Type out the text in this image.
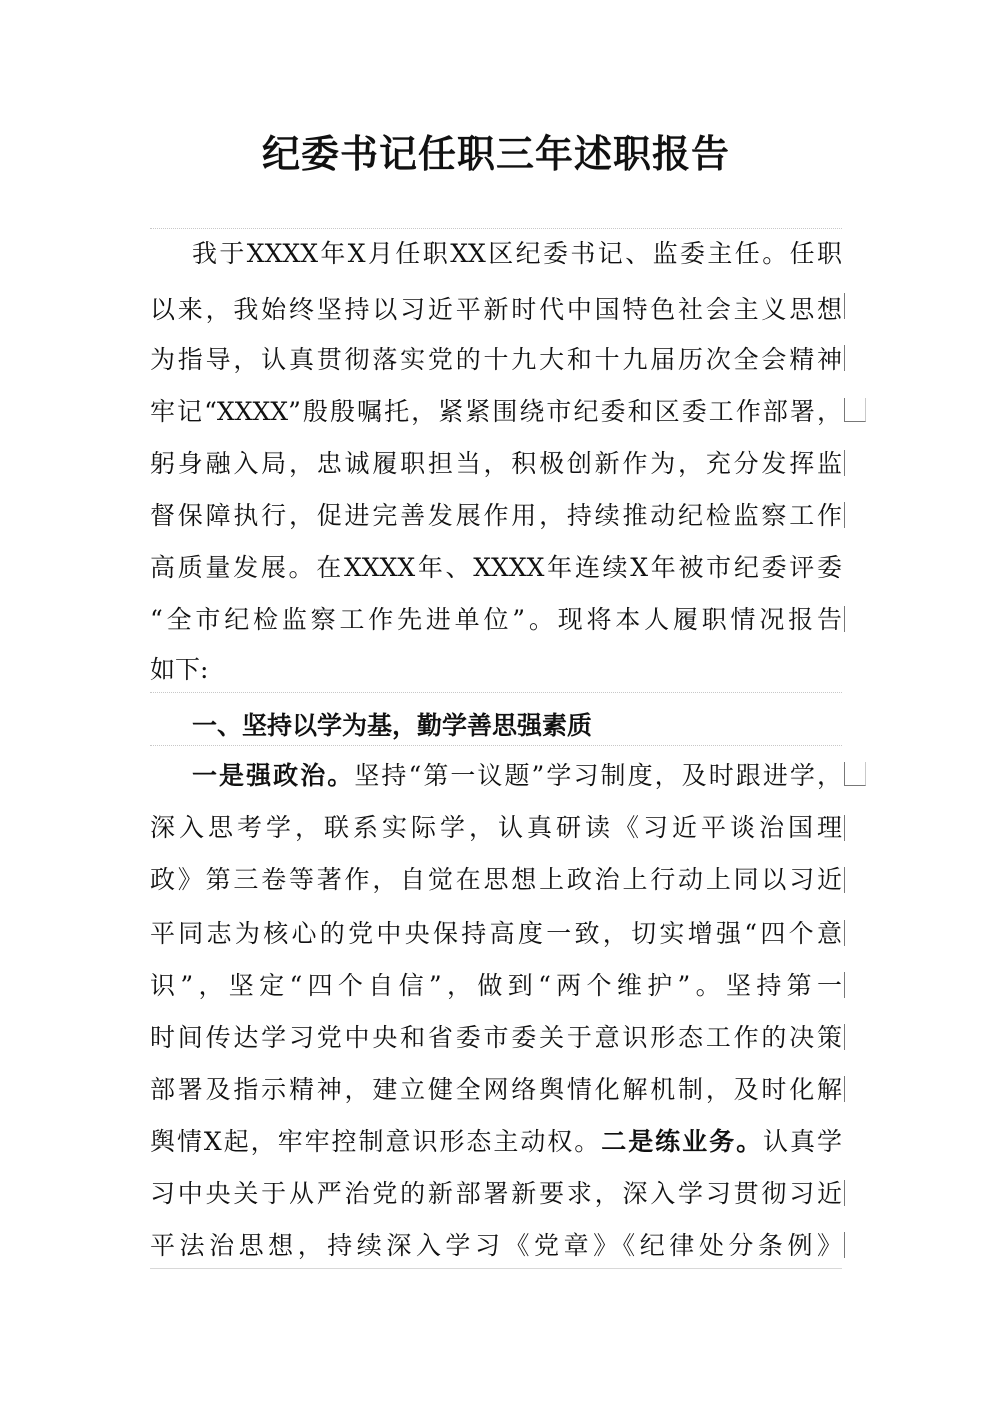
纪委书记任职三年述职报告
我于XXXX年X月任职XX区纪委书记、监委主任。任职
以来，我始终坚持以习近平新时代中国特色社会主义思想
为指导，认真贯彻落实党的十九大和十九届历次全会精神
牢记“XXXX”殷殷嘱托，紧紧围绕市纪委和区委工作部署，
躬身融入局，忠诚履职担当，积极创新作为，充分发挥监
督保障执行，促进完善发展作用，持续推动纪检监察工作
高质量发展。在XXXX年、XXXX年连续X年被市纪委评委
“全市纪检监察工作先进单位”。现将本人履职情况报告
如下:
一、坚持以学为基，勤学善思强素质
一是强政治。坚持“第一议题”学习制度，及时跟进学，
深入思考学，联系实际学，认真研读《习近平谈治国理
政》第三卷等著作，自觉在思想上政治上行动上同以习近
平同志为核心的党中央保持高度一致，切实增强“四个意
识”，坚定“四个自信”，做到“两个维护”。坚持第一
时间传达学习党中央和省委市委关于意识形态工作的决策
部署及指示精神，建立健全网络舆情化解机制，及时化解
舆情X起，牢牢控制意识形态主动权。二是练业务。认真学
习中央关于从严治党的新部署新要求，深入学习贯彻习近
平法治思想，持续深入学习《党章》《纪律处分条例》
